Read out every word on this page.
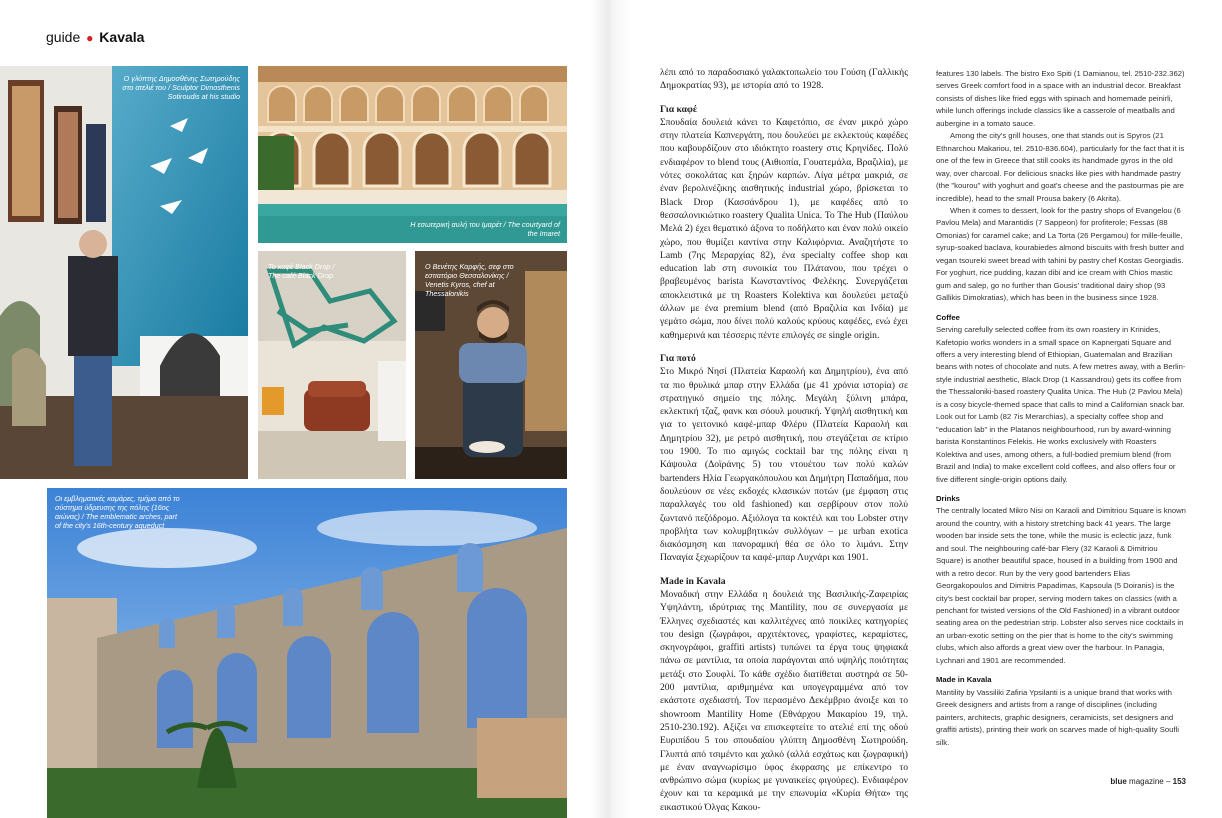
guide ● Kavala
Ο γλύπτης Δημοσθένης Σωτηρούδης στο ατελιέ του / Sculptor Dimosthenis Sotiroudis at his studio
Η εσωτερική αυλή του Ιμαρέτ / The courtyard of the Imaret
Το καφέ Black Drop / The café Black Drop
Ο Βενέτης Καρφής, σεφ στο εστιατόριο Θεσσαλονίκης / Venetis Kyros, chef at Thessalonikis
Οι εμβληματικές καμάρες, τμήμα από το σύστημα ύδρευσης της πόλης (16ος αιώνας) / The emblematic arches, part of the city's 16th-century aqueduct

λέπι από το παραδοσιακό γαλακτοπωλείο του Γούση (Γαλλικής Δημοκρατίας 93), με ιστορία από το 1928.

Για καφέ

Σπουδαία δουλειά κάνει το Καφετόπιο, σε έναν μικρό χώρο στην πλατεία Καπνεργάτη, που δουλεύει με εκλεκτούς καφέδες που καβουρδίζουν στο ιδιόκτητο roastery στις Κρηνίδες. Πολύ ενδιαφέρον το blend τους (Αιθιοπία, Γουατεμάλα, Βραζιλία), με νότες σοκολάτας και ξηρών καρπών. Λίγα μέτρα μακριά, σε έναν βερολινέζικης αισθητικής industrial χώρο, βρίσκεται το Black Drop (Κασσάνδρου 1), με καφέδες από το θεσσαλονικιώτικο roastery Qualita Unica. Το The Hub (Παύλου Μελά 2) έχει θεματικό άξονα το ποδήλατο και έναν πολύ οικείο χώρο, που θυμίζει καντίνα στην Καλιφόρνια. Αναζητήστε το Lamb (7ης Μεραρχίας 82), ένα specialty coffee shop και education lab στη συνοικία του Πλάτανου, που τρέχει ο βραβευμένος barista Κωνσταντίνος Φελέκης. Συνεργάζεται αποκλειστικά με τη Roasters Kolektiva και δουλεύει μεταξύ άλλων με ένα premium blend (από Βραζιλία και Ινδία) με γεμάτο σώμα, που δίνει πολύ καλούς κρύους καφέδες, ενώ έχει καθημερινά και τέσσερις πέντε επιλογές σε single origin.

Για ποτό

Στο Μικρό Νησί (Πλατεία Καραολή και Δημητρίου), ένα από τα πιο θρυλικά μπαρ στην Ελλάδα (με 41 χρόνια ιστορία) σε στρατηγικό σημείο της πόλης. Μεγάλη ξύλινη μπάρα, εκλεκτική τζαζ, φανκ και σόουλ μουσική. Υψηλή αισθητική και για το γειτονικό καφέ-μπαρ Φλέρυ (Πλατεία Καραολή και Δημητρίου 32), με ρετρό αισθητική, που στεγάζεται σε κτίριο του 1900. Το πιο αμιγώς cocktail bar της πόλης είναι η Κάψουλα (Δοϊράνης 5) του ντουέτου των πολύ καλών bartenders Ηλία Γεωργακόπουλου και Δημήτρη Παπαδήμα, που δουλεύουν σε νέες εκδοχές κλασικών ποτών (με έμφαση στις παραλλαγές του old fashioned) και σερβίρουν στον πολύ ζωντανό πεζόδρομο. Αξιόλογα τα κοκτέιλ και του Lobster στην προβλήτα των κολυμβητικών συλλόγων – με urban exotica διακόσμηση και πανοραμική θέα σε όλο το λιμάνι. Στην Παναγία ξεχωρίζουν τα καφέ-μπαρ Λυχνάρι και 1901.

Made in Kavala

Μοναδική στην Ελλάδα η δουλειά της Βασιλικής-Ζαφειρίας Υψηλάντη, ιδρύτριας της Mantility, που σε συνεργασία με Έλληνες σχεδιαστές και καλλιτέχνες από ποικίλες κατηγορίες του design (ζωγράφοι, αρχιτέκτονες, γραφίστες, κεραμίστες, σκηνογράφοι, graffiti artists) τυπώνει τα έργα τους ψηφιακά πάνω σε μαντίλια, τα οποία παράγονται από υψηλής ποιότητας μετάξι στο Σουφλί. Το κάθε σχέδιο διατίθεται αυστηρά σε 50-200 μαντίλια, αριθμημένα και υπογεγραμμένα από τον εκάστοτε σχεδιαστή. Τον περασμένο Δεκέμβριο άνοιξε και το showroom Mantility Home (Εθνάρχου Μακαρίου 19, τηλ. 2510-230.192). Αξίζει να επισκεφτείτε το ατελιέ επί της οδού Ευριπίδου 5 του σπουδαίου γλύπτη Δημοσθένη Σωτηρούδη. Γλυπτά από τσιμέντο και χαλκό (αλλά εσχάτως και ζωγραφική) με έναν αναγνωρίσιμο ύφος έκφρασης με επίκεντρο το ανθρώπινο σώμα (κυρίως με γυναικείες φιγούρες). Ενδιαφέρον έχουν και τα κεραμικά με την επωνυμία «Κυρία Θήτα» της εικαστικού Όλγας Κακου-

features 130 labels. The bistro Exo Spiti (1 Damianou, tel. 2510-232.362) serves Greek comfort food in a space with an industrial decor. Breakfast consists of dishes like fried eggs with spinach and homemade peinirli, while lunch offerings include classics like a casserole of meatballs and aubergine in a tomato sauce.

Among the city's grill houses, one that stands out is Spyros (21 Ethnarchou Makariou, tel. 2510-836.604), particularly for the fact that it is one of the few in Greece that still cooks its handmade gyros in the old way, over charcoal. For delicious snacks like pies with handmade pastry (the "kourou" with yoghurt and goat's cheese and the pastourmas pie are incredible), head to the small Prousa bakery (6 Akrita).

When it comes to dessert, look for the pastry shops of Evangelou (6 Pavlou Mela) and Marantidis (7 Sappeon) for profiterole; Fessas (88 Omonias) for caramel cake; and La Torta (26 Pergamou) for mille-feuille, syrup-soaked baclava, kourabiedes almond biscuits with fresh butter and vegan tsoureki sweet bread with tahini by pastry chef Kostas Georgiadis. For yoghurt, rice pudding, kazan dibi and ice cream with Chios mastic gum and salep, go no further than Gousis' traditional dairy shop (93 Gallikis Dimokratias), which has been in the business since 1928.

Coffee

Serving carefully selected coffee from its own roastery in Krinides, Kafetopio works wonders in a small space on Kapnergati Square and offers a very interesting blend of Ethiopian, Guatemalan and Brazilian beans with notes of chocolate and nuts. A few metres away, with a Berlin-style industrial aesthetic, Black Drop (1 Kassandrou) gets its coffee from the Thessaloniki-based roastery Qualita Unica. The Hub (2 Pavlou Mela) is a cosy bicycle-themed space that calls to mind a Californian snack bar. Look out for Lamb (82 7is Merarchias), a specialty coffee shop and "education lab" in the Platanos neighbourhood, run by award-winning barista Konstantinos Felekis. He works exclusively with Roasters Kolektiva and uses, among others, a full-bodied premium blend (from Brazil and India) to make excellent cold coffees, and also offers four or five different single-origin options daily.

Drinks

The centrally located Mikro Nisi on Karaoli and Dimitriou Square is known around the country, with a history stretching back 41 years. The large wooden bar inside sets the tone, while the music is eclectic jazz, funk and soul. The neighbouring café-bar Flery (32 Karaoli & Dimitriou Square) is another beautiful space, housed in a building from 1900 and with a retro decor. Run by the very good bartenders Elias Georgakopoulos and Dimitris Papadimas, Kapsoula (5 Doiranis) is the city's best cocktail bar proper, serving modern takes on classics (with a penchant for twisted versions of the Old Fashioned) in a vibrant outdoor seating area on the pedestrian strip. Lobster also serves nice cocktails in an urban-exotic setting on the pier that is home to the city's swimming clubs, which also affords a great view over the harbour. In Panagia, Lychnari and 1901 are recommended.

Made in Kavala

Mantility by Vassiliki Zafiria Ypsilanti is a unique brand that works with Greek designers and artists from a range of disciplines (including painters, architects, graphic designers, ceramicists, set designers and graffiti artists), printing their work on scarves made of high-quality Soufli silk.

blue magazine – 153
